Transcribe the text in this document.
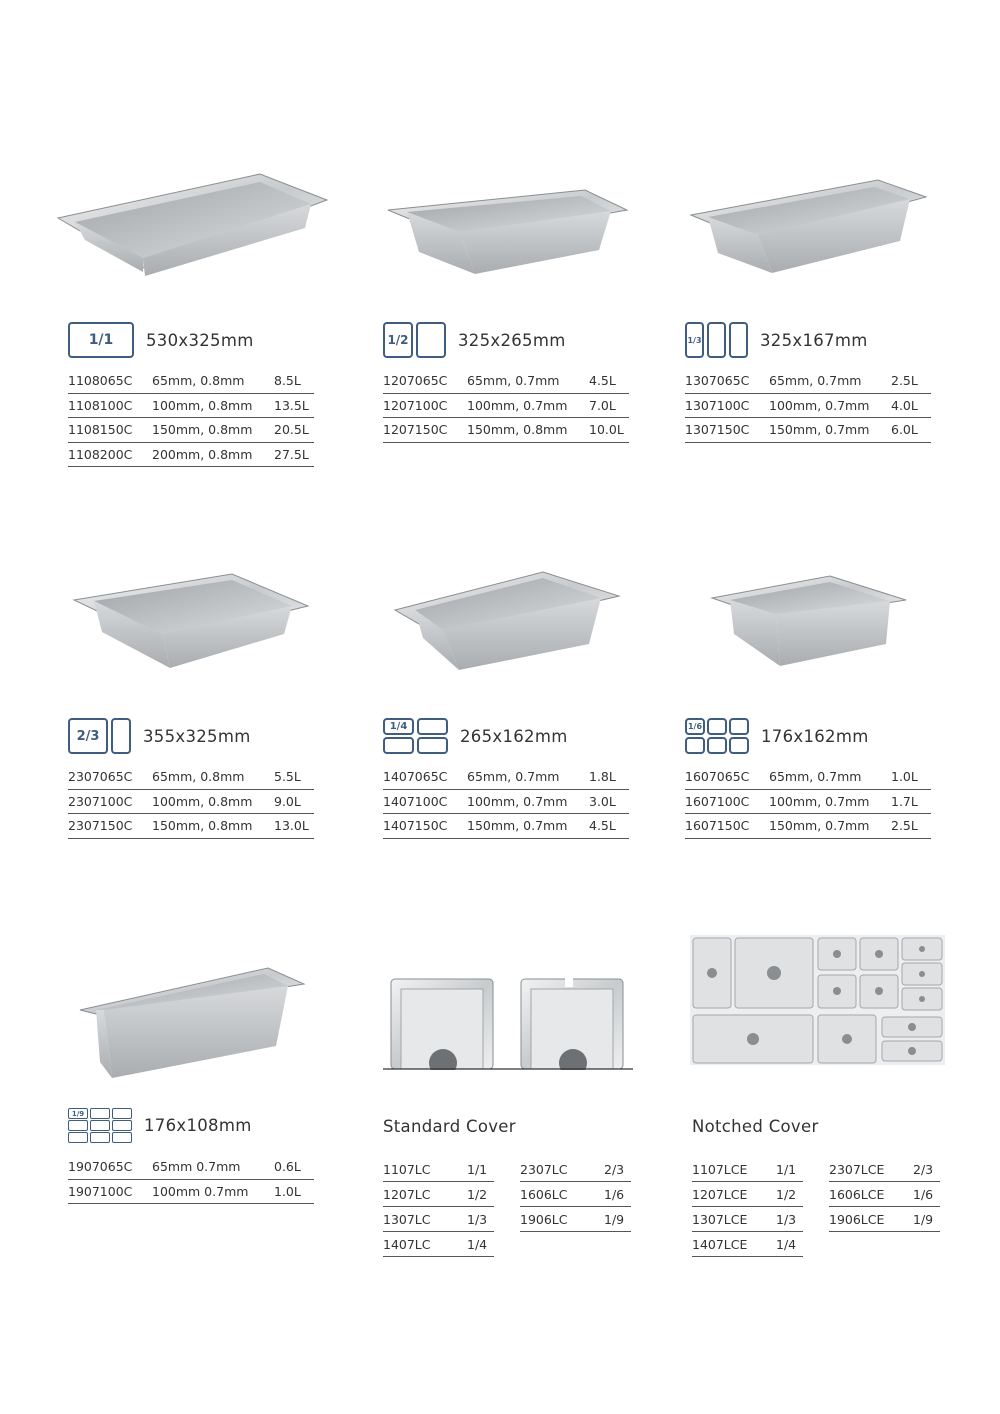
1/1	530x325mm	1/2	325x265mm	1/3	325x167mm
2/3	355x325mm	1/4	265x162mm	1/6	176x162mm
1/9
176x108mm
1108065C	65mm, 0.8mm	8.5L
1108100C	100mm, 0.8mm	13.5L
1108150C	150mm, 0.8mm	20.5L
1108200C	200mm, 0.8mm	27.5L
1207065C	65mm, 0.7mm	4.5L
1207100C	100mm, 0.7mm	7.0L
1207150C	150mm, 0.8mm	10.0L
1307065C	65mm, 0.7mm	2.5L
1307100C	100mm, 0.7mm	4.0L
1307150C	150mm, 0.7mm	6.0L
2307065C	65mm, 0.8mm	5.5L
2307100C	100mm, 0.8mm	9.0L
2307150C	150mm, 0.8mm	13.0L
1407065C	65mm, 0.7mm	1.8L
1407100C	100mm, 0.7mm	3.0L
1407150C	150mm, 0.7mm	4.5L
1607065C	65mm, 0.7mm	1.0L
1607100C	100mm, 0.7mm	1.7L
1607150C	150mm, 0.7mm	2.5L
1907065C	65mm 0.7mm	0.6L
1907100C	100mm 0.7mm	1.0L
Standard Cover
1107LC	1/1
1207LC	1/2
1307LC	1/3
1407LC	1/4
2307LC	2/3
1606LC	1/6
1906LC	1/9
Notched Cover
1107LCE	1/1
1207LCE	1/2
1307LCE	1/3
1407LCE	1/4
2307LCE	2/3
1606LCE	1/6
1906LCE	1/9
